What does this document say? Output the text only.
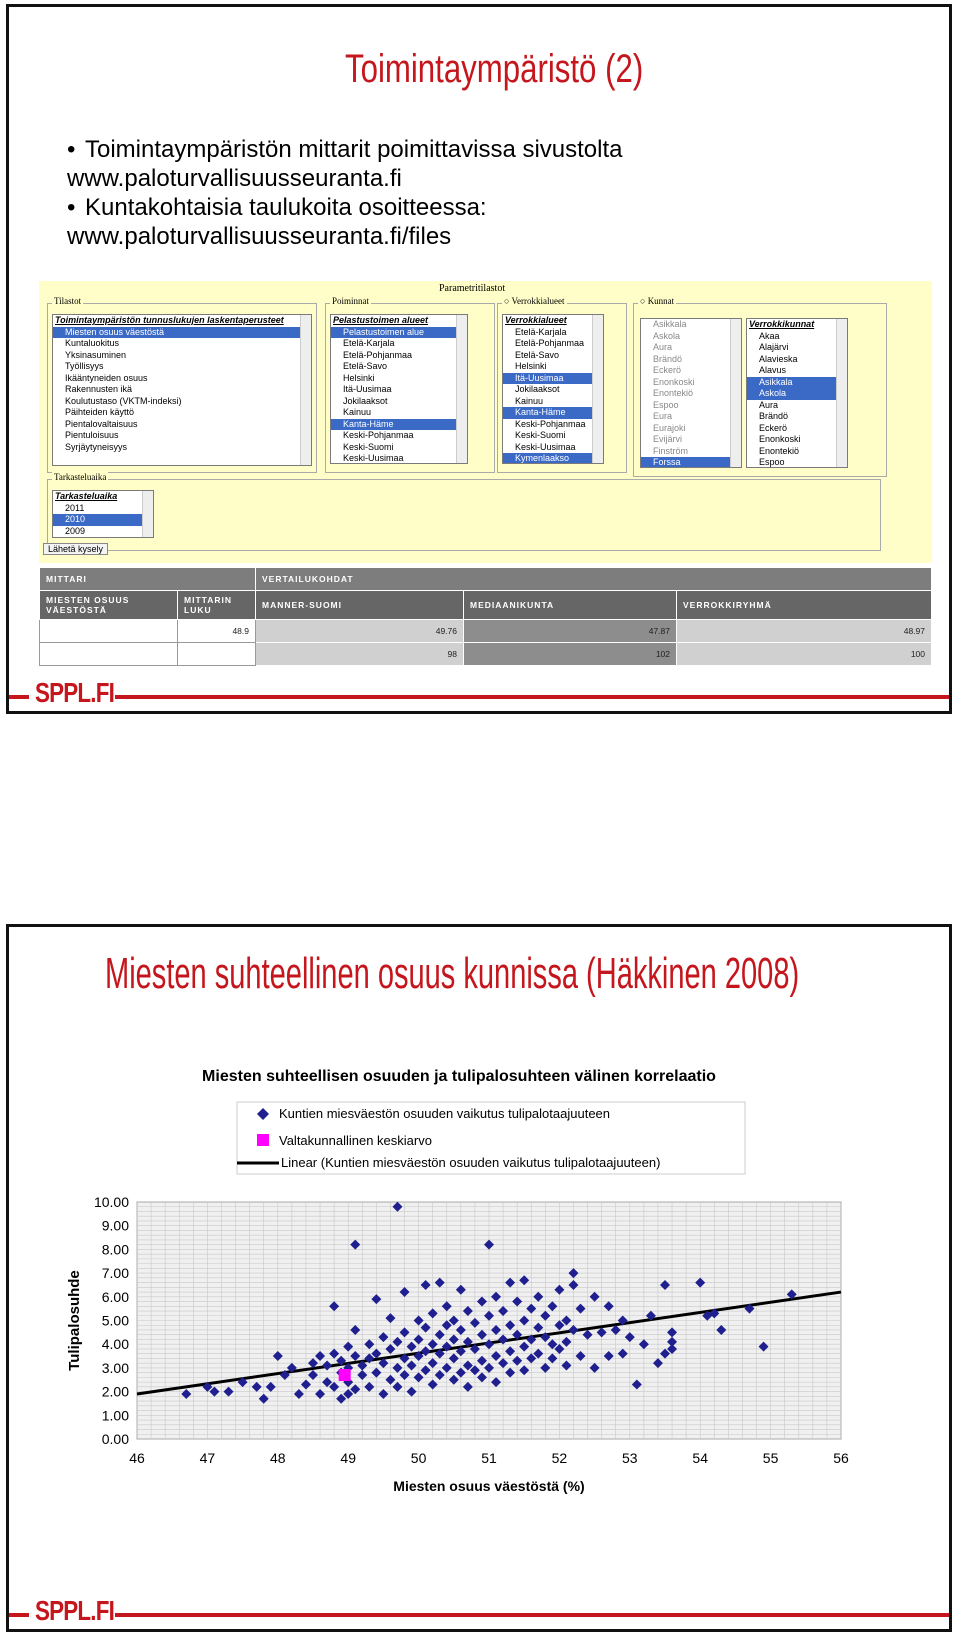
Toimintaympäristö (2)
• Toimintaympäristön mittarit poimittavissa sivustolta
www.paloturvallisuusseuranta.fi
• Kuntakohtaisia taulukoita osoitteessa:
www.paloturvallisuusseuranta.fi/files
Parametritilastot
Tilastot
Toimintaympäristön tunnuslukujen laskentaperusteet
Miesten osuus väestöstä
Kuntaluokitus
Yksinasuminen
Työllisyys
Ikääntyneiden osuus
Rakennusten ikä
Koulutustaso (VKTM-indeksi)
Päihteiden käyttö
Pientalovaltaisuus
Pientuloisuus
Syrjäytyneisyys
Poiminnat
Pelastustoimen alueet
Pelastustoimen alue
Etelä-Karjala
Etelä-Pohjanmaa
Etelä-Savo
Helsinki
Itä-Uusimaa
Jokilaaksot
Kainuu
Kanta-Häme
Keski-Pohjanmaa
Keski-Suomi
Keski-Uusimaa
○ Verrokkialueet
Verrokkialueet
Etelä-Karjala
Etelä-Pohjanmaa
Etelä-Savo
Helsinki
Itä-Uusimaa
Jokilaaksot
Kainuu
Kanta-Häme
Keski-Pohjanmaa
Keski-Suomi
Keski-Uusimaa
Kymenlaakso
○ Kunnat
Asikkala
Askola
Aura
Brändö
Eckerö
Enonkoski
Enontekiö
Espoo
Eura
Eurajoki
Evijärvi
Finström
Forssa
Verrokkikunnat
Akaa
Alajärvi
Alavieska
Alavus
Asikkala
Askola
Aura
Brändö
Eckerö
Enonkoski
Enontekiö
Espoo
Tarkasteluaika
Tarkasteluaika
2011
2010
2009
Lähetä kysely
MITTARI		VERTAILUKOHDAT		
MIESTEN OSUUS VÄESTÖSTÄ	MITTARIN LUKU	MANNER-SUOMI	MEDIAANIKUNTA	VERROKKIRYHMÄ
	48.9	49.76	47.87	48.97
		98	102	100
SPPL.FI
Miesten suhteellinen osuus kunnissa (Häkkinen 2008)
Miesten suhteellisen osuuden ja tulipalosuhteen välinen korrelaatio
Kuntien miesväestön osuuden vaikutus tulipalotaajuuteen
Valtakunnallinen keskiarvo
Linear (Kuntien miesväestön osuuden vaikutus tulipalotaajuuteen)
0.00
1.00
2.00
3.00
4.00
5.00
6.00
7.00
8.00
9.00
10.00
46	47	48	49	50	51	52	53	54	55	56
Miesten osuus väestöstä (%)
Tulipalosuhde
SPPL.FI
